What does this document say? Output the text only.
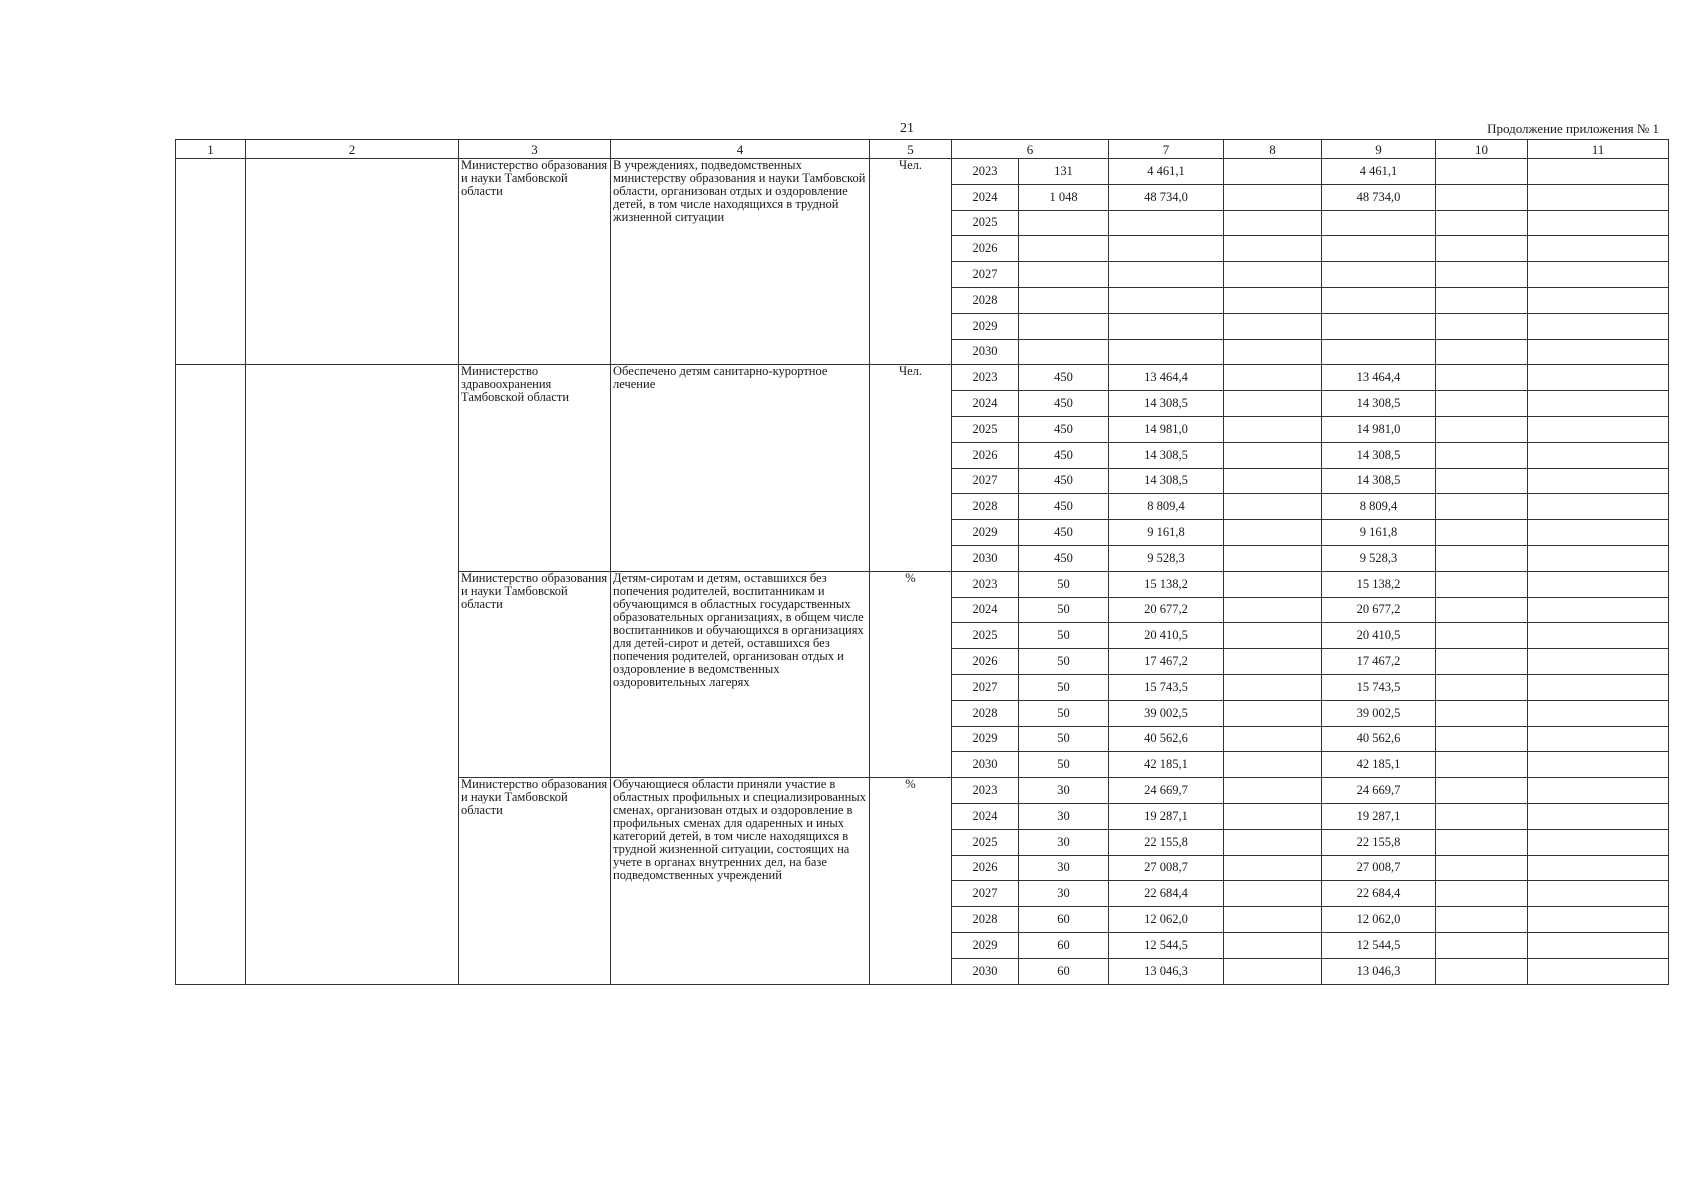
21	Продолжение приложения № 1
1	2	3	4	5	6		7	8	9	10	11
		Министерство образования и науки Тамбовской области	В учреждениях, подведомственных министерству образования и науки Тамбовской области, организован отдых и оздоровление детей, в том числе находящихся в трудной жизненной ситуации	Чел.	2023	131	4 461,1		4 461,1		
					2024	1 048	48 734,0		48 734,0		
					2025						
					2026						
					2027						
					2028						
					2029						
					2030						
		Министерство здравоохранения Тамбовской области	Обеспечено детям санитарно-курортное лечение	Чел.	2023	450	13 464,4		13 464,4		
					2024	450	14 308,5		14 308,5		
					2025	450	14 981,0		14 981,0		
					2026	450	14 308,5		14 308,5		
					2027	450	14 308,5		14 308,5		
					2028	450	8 809,4		8 809,4		
					2029	450	9 161,8		9 161,8		
					2030	450	9 528,3		9 528,3		
		Министерство образования и науки Тамбовской области	Детям-сиротам и детям, оставшихся без попечения родителей, воспитанникам и обучающимся в областных государственных образовательных организациях, в общем числе воспитанников и обучающихся в организациях для детей-сирот и детей, оставшихся без попечения родителей, организован отдых и оздоровление в ведомственных оздоровительных лагерях	%	2023	50	15 138,2		15 138,2		
					2024	50	20 677,2		20 677,2		
					2025	50	20 410,5		20 410,5		
					2026	50	17 467,2		17 467,2		
					2027	50	15 743,5		15 743,5		
					2028	50	39 002,5		39 002,5		
					2029	50	40 562,6		40 562,6		
					2030	50	42 185,1		42 185,1		
		Министерство образования и науки Тамбовской области	Обучающиеся области приняли участие в областных профильных и специализированных сменах, организован отдых и оздоровление в профильных сменах для одаренных и иных категорий детей, в том числе находящихся в трудной жизненной ситуации, состоящих на учете в органах внутренних дел, на базе подведомственных учреждений	%	2023	30	24 669,7		24 669,7		
					2024	30	19 287,1		19 287,1		
					2025	30	22 155,8		22 155,8		
					2026	30	27 008,7		27 008,7		
					2027	30	22 684,4		22 684,4		
					2028	60	12 062,0		12 062,0		
					2029	60	12 544,5		12 544,5		
					2030	60	13 046,3		13 046,3		
